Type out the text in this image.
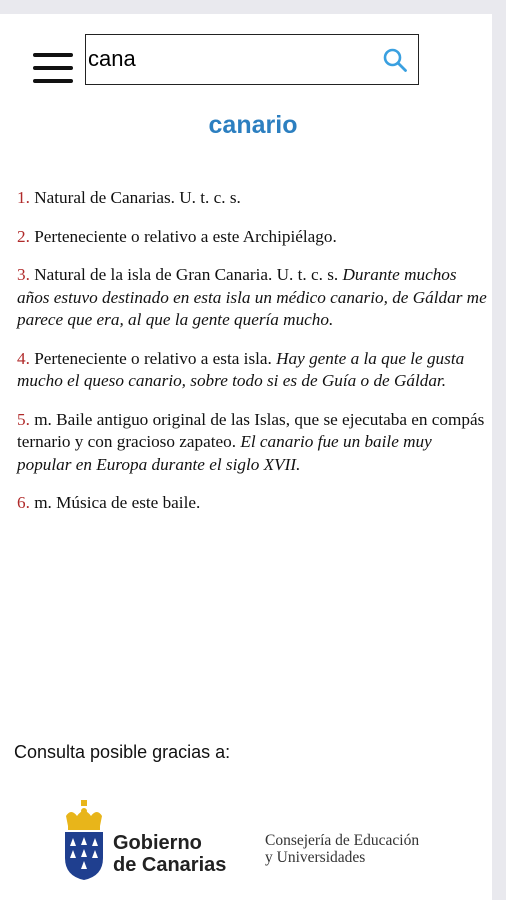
cana
canario

1. Natural de Canarias. U. t. c. s.

2. Perteneciente o relativo a este Archipiélago.

3. Natural de la isla de Gran Canaria. U. t. c. s. Durante muchos años estuvo destinado en esta isla un médico canario, de Gáldar me parece que era, al que la gente quería mucho.

4. Perteneciente o relativo a esta isla. Hay gente a la que le gusta mucho el queso canario, sobre todo si es de Guía o de Gáldar.

5. m. Baile antiguo original de las Islas, que se ejecutaba en compás ternario y con gracioso zapateo. El canario fue un baile muy popular en Europa durante el siglo XVII.

6. m. Música de este baile.

Consulta posible gracias a:
Gobierno
de Canarias
Consejería de Educación
y Universidades
